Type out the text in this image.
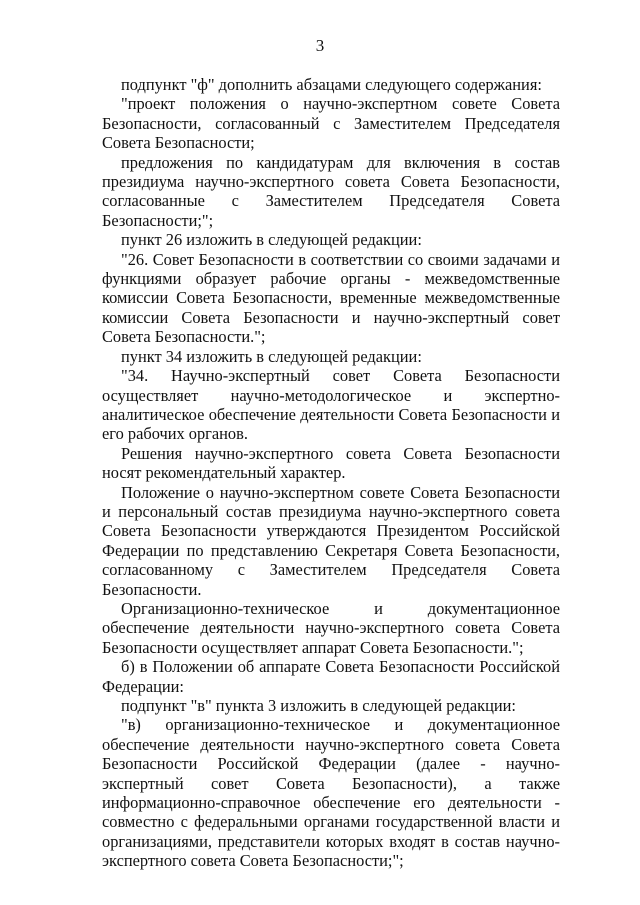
3

подпункт "ф" дополнить абзацами следующего содержания:

"проект положения о научно-экспертном совете Совета Безопасности, согласованный с Заместителем Председателя Совета Безопасности;

предложения по кандидатурам для включения в состав президиума научно-экспертного совета Совета Безопасности, согласованные с Заместителем Председателя Совета Безопасности;";

пункт 26 изложить в следующей редакции:

"26. Совет Безопасности в соответствии со своими задачами и функциями образует рабочие органы - межведомственные комиссии Совета Безопасности, временные межведомственные комиссии Совета Безопасности и научно-экспертный совет Совета Безопасности.";

пункт 34 изложить в следующей редакции:

"34. Научно-экспертный совет Совета Безопасности осуществляет научно-методологическое и экспертно-аналитическое обеспечение деятельности Совета Безопасности и его рабочих органов.

Решения научно-экспертного совета Совета Безопасности носят рекомендательный характер.

Положение о научно-экспертном совете Совета Безопасности и персональный состав президиума научно-экспертного совета Совета Безопасности утверждаются Президентом Российской Федерации по представлению Секретаря Совета Безопасности, согласованному с Заместителем Председателя Совета Безопасности.

Организационно-техническое и документационное обеспечение деятельности научно-экспертного совета Совета Безопасности осуществляет аппарат Совета Безопасности.";

б) в Положении об аппарате Совета Безопасности Российской Федерации:

подпункт "в" пункта 3 изложить в следующей редакции:

"в) организационно-техническое и документационное обеспечение деятельности научно-экспертного совета Совета Безопасности Российской Федерации (далее - научно-экспертный совет Совета Безопасности), а также информационно-справочное обеспечение его деятельности - совместно с федеральными органами государственной власти и организациями, представители которых входят в состав научно-экспертного совета Совета Безопасности;";
